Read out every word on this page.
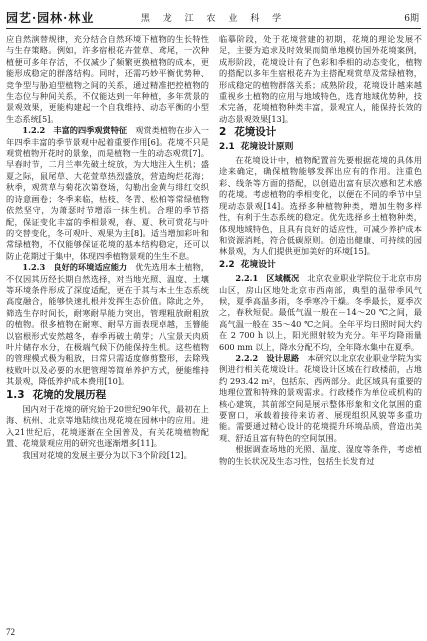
园艺·园林·林业	黑 龙 江 农 业 科 学	6期

应自然演替规律，充分结合自然环境下植物的生长特性与生存策略。例如，许多宿根花卉萱草、鸢尾，一次种植便可多年存活，不仅减少了频繁更换植物的成本，更能形成稳定的群落结构。同时，还需巧妙平衡优势种、竞争型与胁迫型植物之间的关系，通过精准把控植物的生态位与种间关系，不仅能达到一年种植，多年赏景的景观效果，更能构建起一个自我维持、动态平衡的小型生态系统[5]。

1.2.2　丰富的四季观赏特征　观赏类植物在步入一年四季丰富的季节景观中起着重要作用[6]。花境不只是观赏植物开花时的景象，而是植物一生的动态观赏[7]。早春时节，二月兰率先破土绽放，为大地注入生机；盛夏之际，鼠尾草、大花萱草热烈盛放，营造绚烂花海；秋季，观赏草与菊花次第登场，勾勒出金黄与绯红交织的诗意画卷；冬季来临，枯枝、冬青、松柏等常绿植物依然坚守，为萧瑟时节增添一抹生机。合理的季节搭配，保证变化丰富的季相景观，春、夏、秋可赏花与叶的交替变化，冬可观叶、观果为主[8]。适当增加彩叶和常绿植物，不仅能够保证花境的基本结构稳定，还可以防止花期过于集中，体现四季植物景观的生生不息。

1.2.3　良好的环境适应能力　优先选用本土植物，不仅因其历经长期自然选择，对当地光照、温度、土壤等环境条件形成了深度适配，更在于其与本土生态系统高度融合，能够快速扎根并发挥生态价值。除此之外，筛选生存时间长，耐寒耐旱能力突出，管理粗放耐粗放的植物。很多植物在耐寒、耐旱方面表现卓越，玉簪能以宿根形式安然越冬，春季再破土萌芽；八宝景天肉质叶片储存水分，在极端气候下仍能保持生机。这些植物的管理模式极为粗放，日常只需适度修剪整形，去除残枝败叶以及必要的水肥管理等简单养护方式，便能维持其景观，降低养护成本费用[10]。

1.3 花境的发展历程

国内对于花境的研究始于20世纪90年代，最初在上海、杭州、北京等地陆续出现花境在园林中的应用。进入21世纪后，花境逐渐在全国普及，有关花境植物配置、花境景观应用的研究也逐渐增多[11]。

我国对花境的发展主要分为以下3个阶段[12]。

临摹阶段，处于花境营建的初期，花境的理论发展不足，主要为追求及时效果而简单地模仿国外花境案例，成形阶段，花境设计有了色彩和季相的动态变化，植物的搭配以多年生宿根花卉为主搭配观赏草及常绿植物，形成稳定的植物群落关系；成熟阶段，花境设计越来越重视乡土植物的应用与地域特色，选育地域优势种，技术完备，花境植物种类丰富，景观宜人，能保持长效的动态景观效果[13]。

2 花境设计
2.1 花境设计原则

在花境设计中，植物配置首先要根据花境的具体用途来确定，确保植物能够发挥出应有的作用。注重色彩、线条等方面的搭配，以创造出富有层次感和艺术感的花境。考虑植物的季相变化，以便在不同的季节中呈现动态景观[14]。选择多种植物种类，增加生物多样性，有利于生态系统的稳定。优先选择乡土植物种类，体现地域特色，且具有良好的适应性，可减少养护成本和资源消耗，符合低碳原则。创造出健康、可持续的园林景观，为人们提供更加美好的环境[15]。

2.2 花境设计

2.2.1　区域概况　北京农业职业学院位于北京市房山区，房山区地处北京市西南部，典型的温带季风气候，夏季高温多雨，冬季寒冷干燥。冬季最长，夏季次之，春秋短促。最低气温一般在－14～20 ℃之间，最高气温一般在 35～40 ℃之间。全年平均日照时间大约在 2 700 h 以上，阳光照射较为充分。年平均降雨量 600 mm 以上，降水分配不均，全年降水集中在夏季。

2.2.2　设计思路　本研究以北京农业职业学院为实例进行相关花境设计。花境设计区域在行政楼前，占地约 293.42 m²，包括东、西两部分。此区域具有重要的地理位置和特殊的景观需求。行政楼作为单位或机构的核心建筑，其前部空间是展示整体形象和文化氛围的重要窗口，承载着接待来访者、展现组织风貌等多重功能。需要通过精心设计的花境提升环境品质，营造出美观、舒适且富有特色的空间氛围。

根据调查场地的光照、温度、湿度等条件，考虑植物的生长状况及生态习性，包括生长发育过

72
